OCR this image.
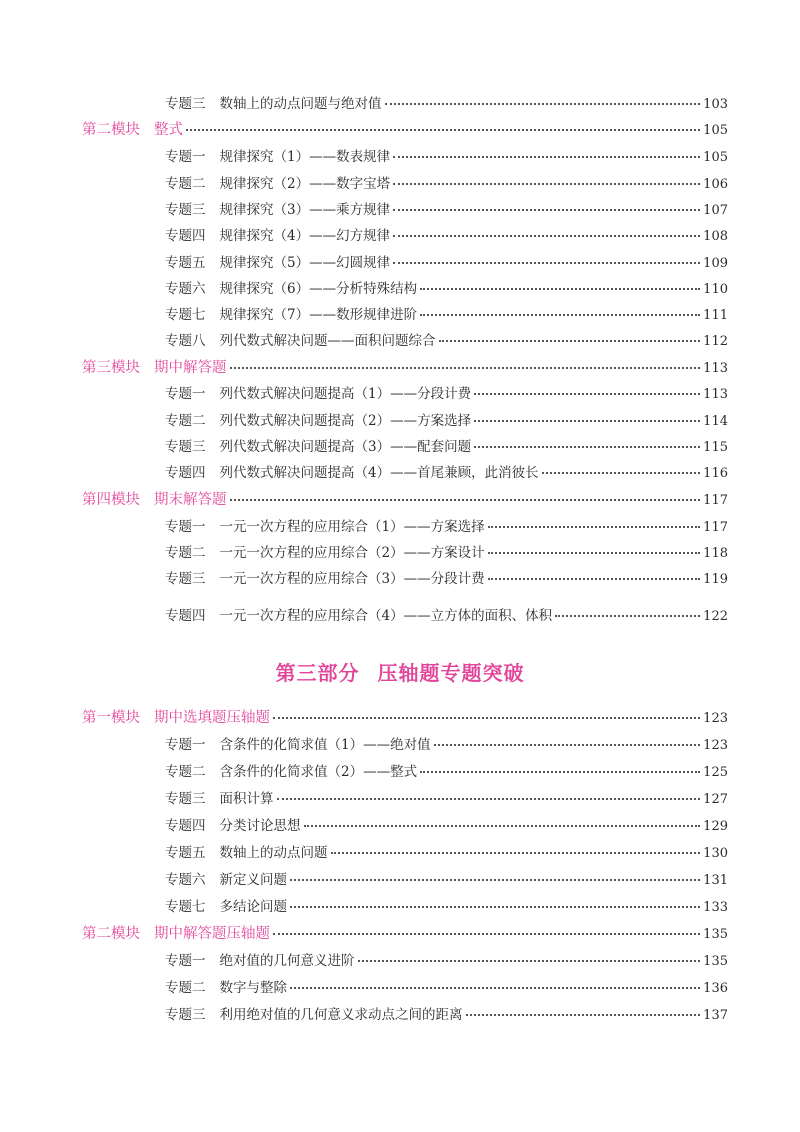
专题三 数轴上的动点问题与绝对值	103
第二模块 整式	105
专题一 规律探究（1）——数表规律	105
专题二 规律探究（2）——数字宝塔	106
专题三 规律探究（3）——乘方规律	107
专题四 规律探究（4）——幻方规律	108
专题五 规律探究（5）——幻圆规律	109
专题六 规律探究（6）——分析特殊结构	110
专题七 规律探究（7）——数形规律进阶	111
专题八 列代数式解决问题——面积问题综合	112
第三模块 期中解答题	113
专题一 列代数式解决问题提高（1）——分段计费	113
专题二 列代数式解决问题提高（2）——方案选择	114
专题三 列代数式解决问题提高（3）——配套问题	115
专题四 列代数式解决问题提高（4）——首尾兼顾，此消彼长	116
第四模块 期末解答题	117
专题一 一元一次方程的应用综合（1）——方案选择	117
专题二 一元一次方程的应用综合（2）——方案设计	118
专题三 一元一次方程的应用综合（3）——分段计费	119
专题四 一元一次方程的应用综合（4）——立方体的面积、体积	122
第三部分 压轴题专题突破
第一模块 期中选填题压轴题	123
专题一 含条件的化简求值（1）——绝对值	123
专题二 含条件的化简求值（2）——整式	125
专题三 面积计算	127
专题四 分类讨论思想	129
专题五 数轴上的动点问题	130
专题六 新定义问题	131
专题七 多结论问题	133
第二模块 期中解答题压轴题	135
专题一 绝对值的几何意义进阶	135
专题二 数字与整除	136
专题三 利用绝对值的几何意义求动点之间的距离	137
